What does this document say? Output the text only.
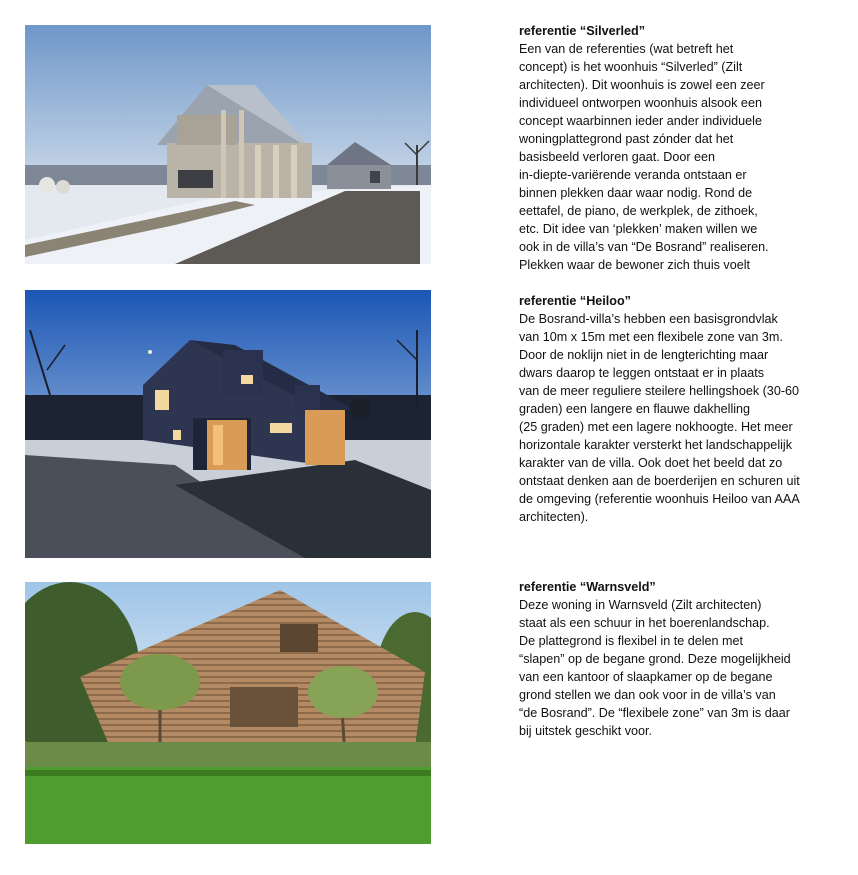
referentie “Silverled”
Een van de referenties (wat betreft het
concept) is het woonhuis “Silverled” (Zilt
architecten). Dit woonhuis is zowel een zeer
individueel ontworpen woonhuis alsook een
concept waarbinnen ieder ander individuele
woningplattegrond past zónder dat het
basisbeeld verloren gaat. Door een
in-diepte-variërende veranda ontstaan er
binnen plekken daar waar nodig. Rond de
eettafel, de piano, de werkplek, de zithoek,
etc. Dit idee van ‘plekken’ maken willen we
ook in de villa’s van “De Bosrand” realiseren.
Plekken waar de bewoner zich thuis voelt
referentie “Heiloo”
De Bosrand-villa’s hebben een basisgrondvlak
van 10m x 15m met een flexibele zone van 3m.
Door de noklijn niet in de lengterichting maar
dwars daarop te leggen ontstaat er in plaats
van de meer reguliere steilere hellingshoek (30-60
graden) een langere en flauwe dakhelling
(25 graden) met een lagere nokhoogte. Het meer
horizontale karakter versterkt het landschappelijk
karakter van de villa. Ook doet het beeld dat zo
ontstaat denken aan de boerderijen en schuren uit
de omgeving (referentie woonhuis Heiloo van AAA
architecten).
referentie “Warnsveld”
Deze woning in Warnsveld (Zilt architecten)
staat als een schuur in het boerenlandschap.
De plattegrond is flexibel in te delen met
“slapen” op de begane grond. Deze mogelijkheid
van een kantoor of slaapkamer op de begane
grond stellen we dan ook voor in de villa’s van
“de Bosrand”. De “flexibele zone” van 3m is daar
bij uitstek geschikt voor.
